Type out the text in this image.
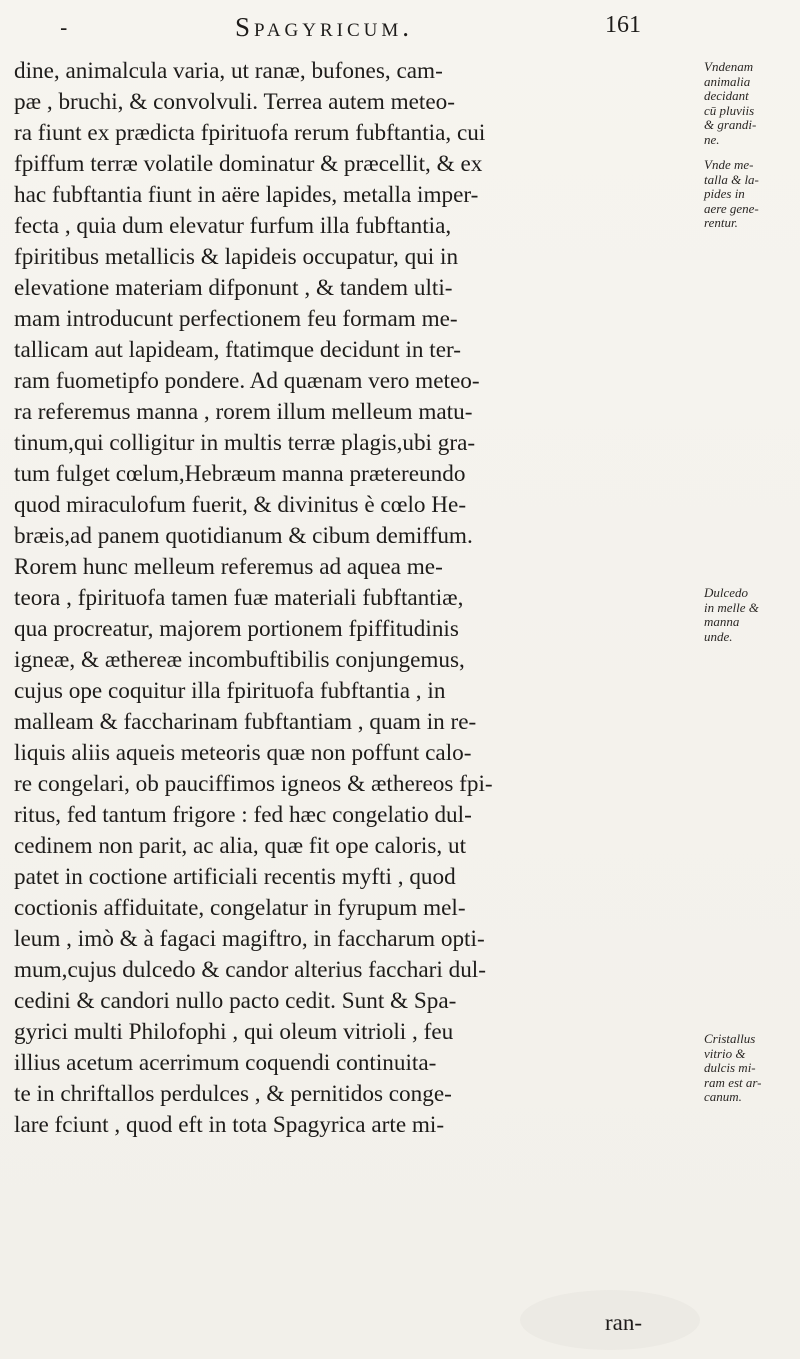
-	Spagyricum.	161
dine, animalcula varia, ut ranæ, bufones, cam-
pæ , bruchi, & convolvuli. Terrea autem meteo-
ra fiunt ex prædicta fpirituofa rerum fubftantia, cui
fpiffum terræ volatile dominatur & præcellit, & ex
hac fubftantia fiunt in aëre lapides, metalla imper-
fecta , quia dum elevatur furfum illa fubftantia,
fpiritibus metallicis & lapideis occupatur, qui in
elevatione materiam difponunt , & tandem ulti-
mam introducunt perfectionem feu formam me-
tallicam aut lapideam, ftatimque decidunt in ter-
ram fuometipfo pondere. Ad quænam vero meteo-
ra referemus manna , rorem illum melleum matu-
tinum,qui colligitur in multis terræ plagis,ubi gra-
tum fulget cœlum,Hebræum manna prætereundo
quod miraculofum fuerit, & divinitus è cœlo He-
bræis,ad panem quotidianum & cibum demiffum.
Rorem hunc melleum referemus ad aquea me-
teora , fpirituofa tamen fuæ materiali fubftantiæ,
qua procreatur, majorem portionem fpiffitudinis
igneæ, & æthereæ incombuftibilis conjungemus,
cujus ope coquitur illa fpirituofa fubftantia , in
malleam & faccharinam fubftantiam , quam in re-
liquis aliis aqueis meteoris quæ non poffunt calo-
re congelari, ob pauciffimos igneos & æthereos fpi-
ritus, fed tantum frigore : fed hæc congelatio dul-
cedinem non parit, ac alia, quæ fit ope caloris, ut
patet in coctione artificiali recentis myfti , quod
coctionis affiduitate, congelatur in fyrupum mel-
leum , imò & à fagaci magiftro, in faccharum opti-
mum,cujus dulcedo & candor alterius facchari dul-
cedini & candori nullo pacto cedit. Sunt & Spa-
gyrici multi Philofophi , qui oleum vitrioli , feu
illius acetum acerrimum coquendi continuita-
te in chriftallos perdulces , & pernitidos conge-
lare fciunt , quod eft in tota Spagyrica arte mi-
Vndenam
animalia
decidant
cū pluviis
& grandi-
ne.
Vnde me-
talla & la-
pides in
aere gene-
rentur.
Dulcedo
in melle &
manna
unde.
Cristallus
vitrio &
dulcis mi-
ram est ar-
canum.
ran-
